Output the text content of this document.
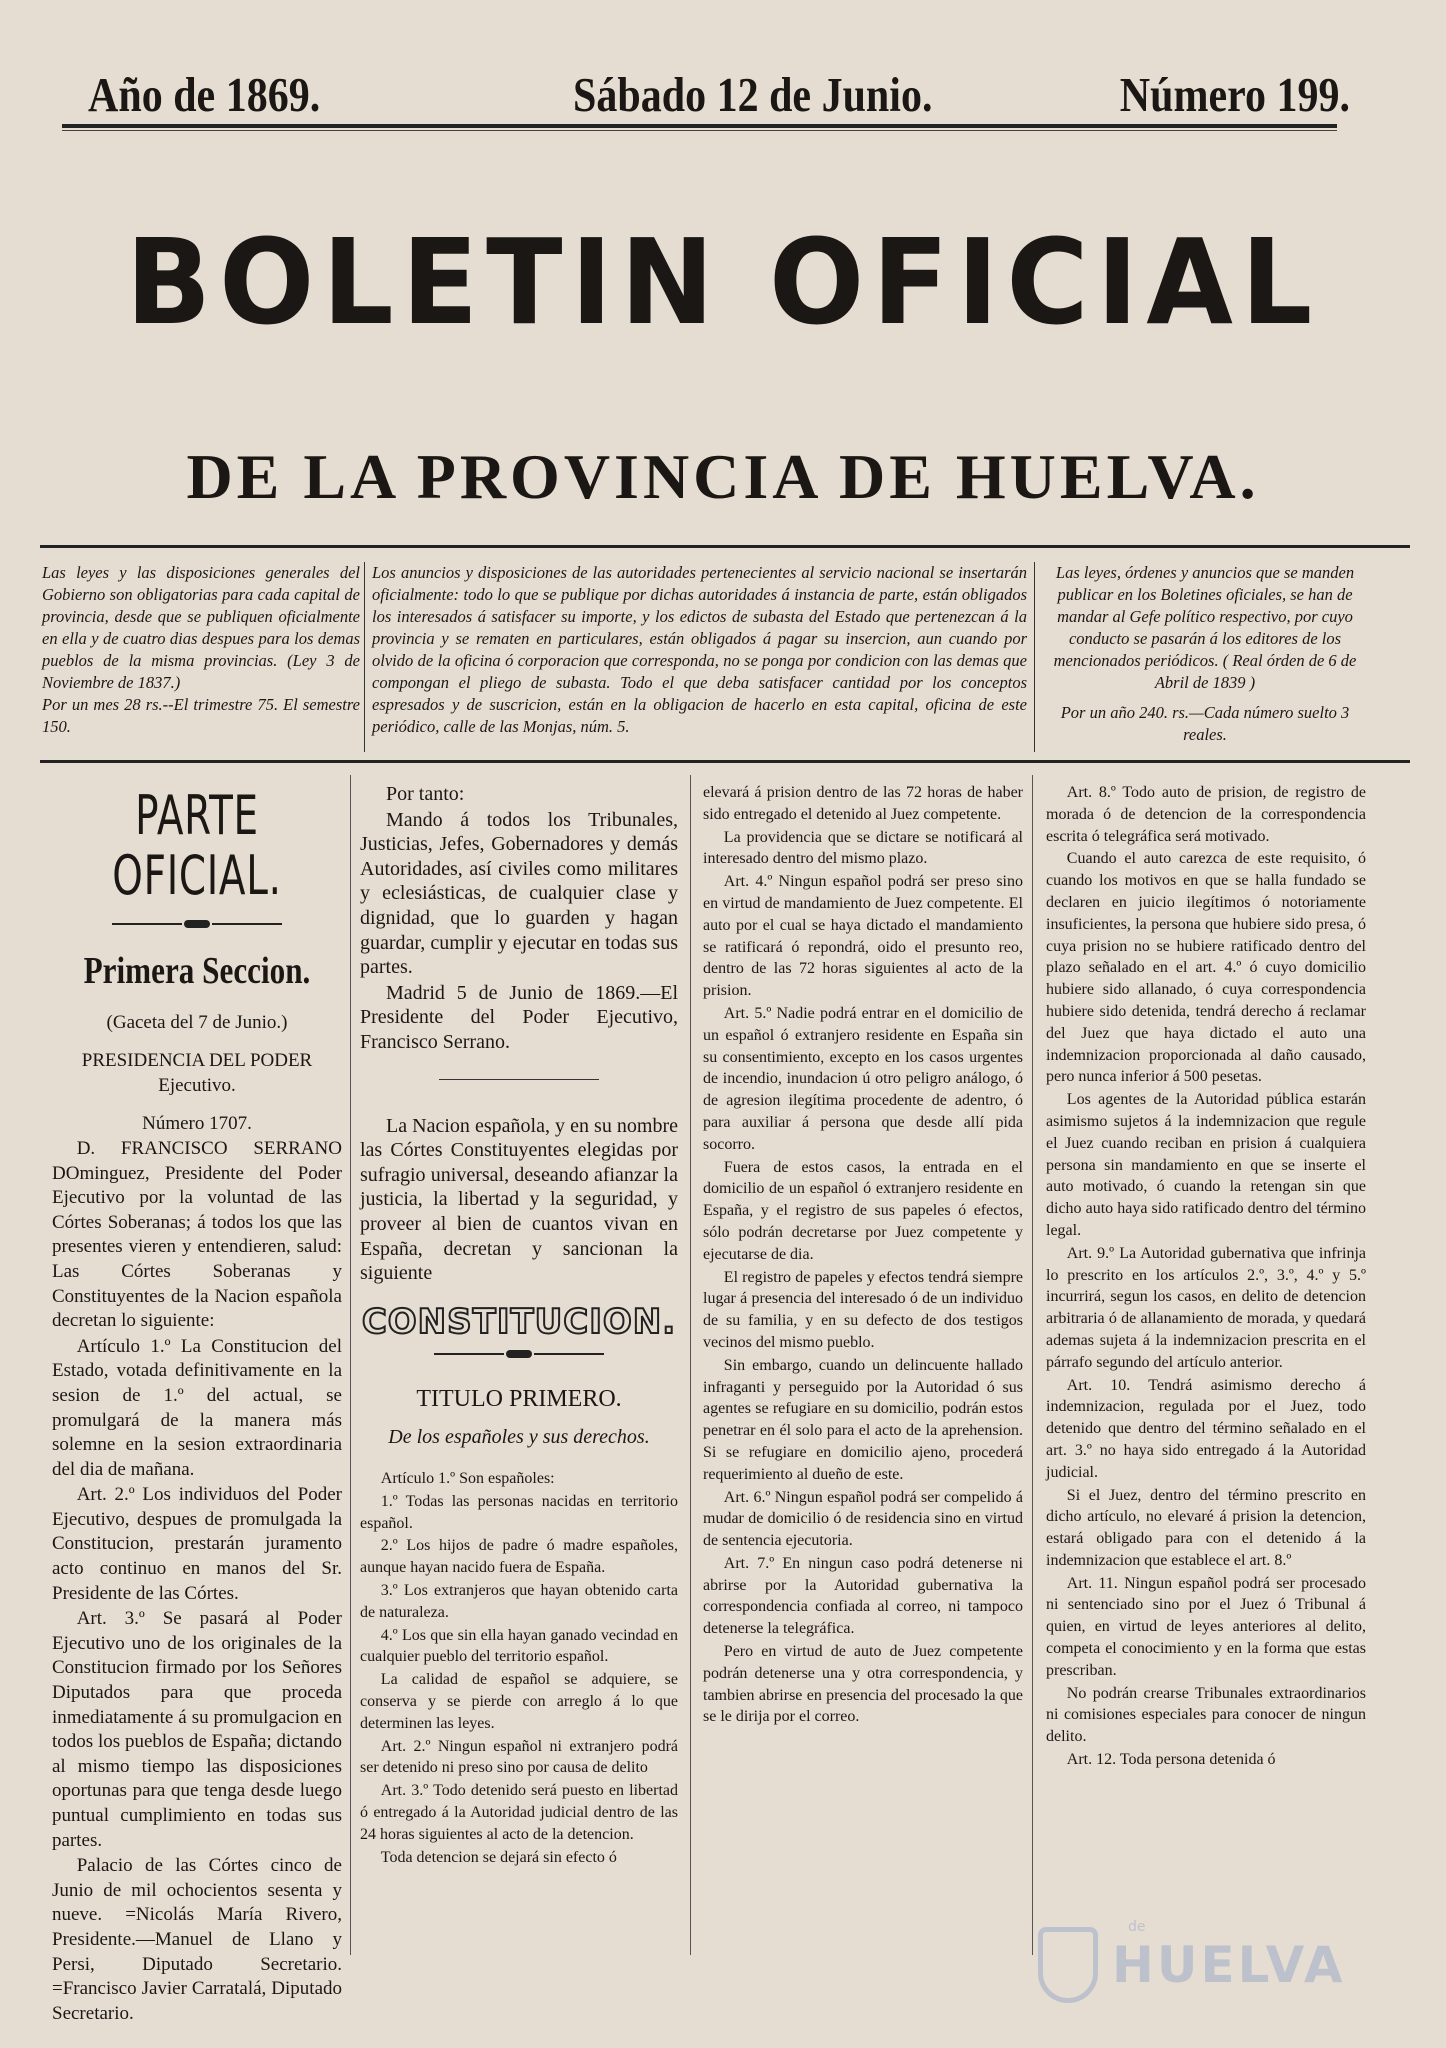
Año de 1869.	Sábado 12 de Junio.	Número 199.
BOLETIN OFICIAL
DE LA PROVINCIA DE HUELVA.
Las leyes y las disposiciones generales del Gobierno son obligatorias para cada capital de provincia, desde que se publiquen oficialmente en ella y de cuatro dias despues para los demas pueblos de la misma provincias. (Ley 3 de Noviembre de 1837.)
Por un mes 28 rs.--El trimestre 75. El semestre 150.
Los anuncios y disposiciones de las autoridades pertenecientes al servicio nacional se insertarán oficialmente: todo lo que se publique por dichas autoridades á instancia de parte, están obligados los interesados á satisfacer su importe, y los edictos de subasta del Estado que pertenezcan á la provincia y se rematen en particulares, están obligados á pagar su insercion, aun cuando por olvido de la oficina ó corporacion que corresponda, no se ponga por condicion con las demas que compongan el pliego de subasta. Todo el que deba satisfacer cantidad por los conceptos espresados y de suscricion, están en la obligacion de hacerlo en esta capital, oficina de este periódico, calle de las Monjas, núm. 5.
Las leyes, órdenes y anuncios que se manden publicar en los Boletines oficiales, se han de mandar al Gefe político respectivo, por cuyo conducto se pasarán á los editores de los mencionados periódicos. ( Real órden de 6 de Abril de 1839 )
Por un año 240. rs.—Cada número suelto 3 reales.
PARTE OFICIAL.
Primera Seccion.
(Gaceta del 7 de Junio.)
PRESIDENCIA DEL PODER Ejecutivo.
Número 1707.

D. FRANCISCO SERRANO DOminguez, Presidente del Poder Ejecutivo por la voluntad de las Córtes Soberanas; á todos los que las presentes vieren y entendieren, salud: Las Córtes Soberanas y Constituyentes de la Nacion española decretan lo siguiente:

Artículo 1.º La Constitucion del Estado, votada definitivamente en la sesion de 1.º del actual, se promulgará de la manera más solemne en la sesion extraordinaria del dia de mañana.

Art. 2.º Los individuos del Poder Ejecutivo, despues de promulgada la Constitucion, prestarán juramento acto continuo en manos del Sr. Presidente de las Córtes.

Art. 3.º Se pasará al Poder Ejecutivo uno de los originales de la Constitucion firmado por los Señores Diputados para que proceda inmediatamente á su promulgacion en todos los pueblos de España; dictando al mismo tiempo las disposiciones oportunas para que tenga desde luego puntual cumplimiento en todas sus partes.

Palacio de las Córtes cinco de Junio de mil ochocientos sesenta y nueve. =Nicolás María Rivero, Presidente.—Manuel de Llano y Persi, Diputado Secretario. =Francisco Javier Carratalá, Diputado Secretario.

Por tanto:

Mando á todos los Tribunales, Justicias, Jefes, Gobernadores y demás Autoridades, así civiles como militares y eclesiásticas, de cualquier clase y dignidad, que lo guarden y hagan guardar, cumplir y ejecutar en todas sus partes.

Madrid 5 de Junio de 1869.—El Presidente del Poder Ejecutivo, Francisco Serrano.

La Nacion española, y en su nombre las Córtes Constituyentes elegidas por sufragio universal, deseando afianzar la justicia, la libertad y la seguridad, y proveer al bien de cuantos vivan en España, decretan y sancionan la siguiente

CONSTITUCION.
TITULO PRIMERO.
De los españoles y sus derechos.

Artículo 1.º Son españoles:

1.º Todas las personas nacidas en territorio español.

2.º Los hijos de padre ó madre españoles, aunque hayan nacido fuera de España.

3.º Los extranjeros que hayan obtenido carta de naturaleza.

4.º Los que sin ella hayan ganado vecindad en cualquier pueblo del territorio español.

La calidad de español se adquiere, se conserva y se pierde con arreglo á lo que determinen las leyes.

Art. 2.º Ningun español ni extranjero podrá ser detenido ni preso sino por causa de delito

Art. 3.º Todo detenido será puesto en libertad ó entregado á la Autoridad judicial dentro de las 24 horas siguientes al acto de la detencion.

Toda detencion se dejará sin efecto ó

elevará á prision dentro de las 72 horas de haber sido entregado el detenido al Juez competente.

La providencia que se dictare se notificará al interesado dentro del mismo plazo.

Art. 4.º Ningun español podrá ser preso sino en virtud de mandamiento de Juez competente. El auto por el cual se haya dictado el mandamiento se ratificará ó repondrá, oido el presunto reo, dentro de las 72 horas siguientes al acto de la prision.

Art. 5.º Nadie podrá entrar en el domicilio de un español ó extranjero residente en España sin su consentimiento, excepto en los casos urgentes de incendio, inundacion ú otro peligro análogo, ó de agresion ilegítima procedente de adentro, ó para auxiliar á persona que desde allí pida socorro.

Fuera de estos casos, la entrada en el domicilio de un español ó extranjero residente en España, y el registro de sus papeles ó efectos, sólo podrán decretarse por Juez competente y ejecutarse de dia.

El registro de papeles y efectos tendrá siempre lugar á presencia del interesado ó de un individuo de su familia, y en su defecto de dos testigos vecinos del mismo pueblo.

Sin embargo, cuando un delincuente hallado infraganti y perseguido por la Autoridad ó sus agentes se refugiare en su domicilio, podrán estos penetrar en él solo para el acto de la aprehension. Si se refugiare en domicilio ajeno, procederá requerimiento al dueño de este.

Art. 6.º Ningun español podrá ser compelido á mudar de domicilio ó de residencia sino en virtud de sentencia ejecutoria.

Art. 7.º En ningun caso podrá detenerse ni abrirse por la Autoridad gubernativa la correspondencia confiada al correo, ni tampoco detenerse la telegráfica.

Pero en virtud de auto de Juez competente podrán detenerse una y otra correspondencia, y tambien abrirse en presencia del procesado la que se le dirija por el correo.

Art. 8.º Todo auto de prision, de registro de morada ó de detencion de la correspondencia escrita ó telegráfica será motivado.

Cuando el auto carezca de este requisito, ó cuando los motivos en que se halla fundado se declaren en juicio ilegítimos ó notoriamente insuficientes, la persona que hubiere sido presa, ó cuya prision no se hubiere ratificado dentro del plazo señalado en el art. 4.º ó cuyo domicilio hubiere sido allanado, ó cuya correspondencia hubiere sido detenida, tendrá derecho á reclamar del Juez que haya dictado el auto una indemnizacion proporcionada al daño causado, pero nunca inferior á 500 pesetas.

Los agentes de la Autoridad pública estarán asimismo sujetos á la indemnizacion que regule el Juez cuando reciban en prision á cualquiera persona sin mandamiento en que se inserte el auto motivado, ó cuando la retengan sin que dicho auto haya sido ratificado dentro del término legal.

Art. 9.º La Autoridad gubernativa que infrinja lo prescrito en los artículos 2.º, 3.º, 4.º y 5.º incurrirá, segun los casos, en delito de detencion arbitraria ó de allanamiento de morada, y quedará ademas sujeta á la indemnizacion prescrita en el párrafo segundo del artículo anterior.

Art. 10. Tendrá asimismo derecho á indemnizacion, regulada por el Juez, todo detenido que dentro del término señalado en el art. 3.º no haya sido entregado á la Autoridad judicial.

Si el Juez, dentro del término prescrito en dicho artículo, no elevaré á prision la detencion, estará obligado para con el detenido á la indemnizacion que establece el art. 8.º

Art. 11. Ningun español podrá ser procesado ni sentenciado sino por el Juez ó Tribunal á quien, en virtud de leyes anteriores al delito, competa el conocimiento y en la forma que estas prescriban.

No podrán crearse Tribunales extraordinarios ni comisiones especiales para conocer de ningun delito.

Art. 12. Toda persona detenida ó

HUELVA
de
